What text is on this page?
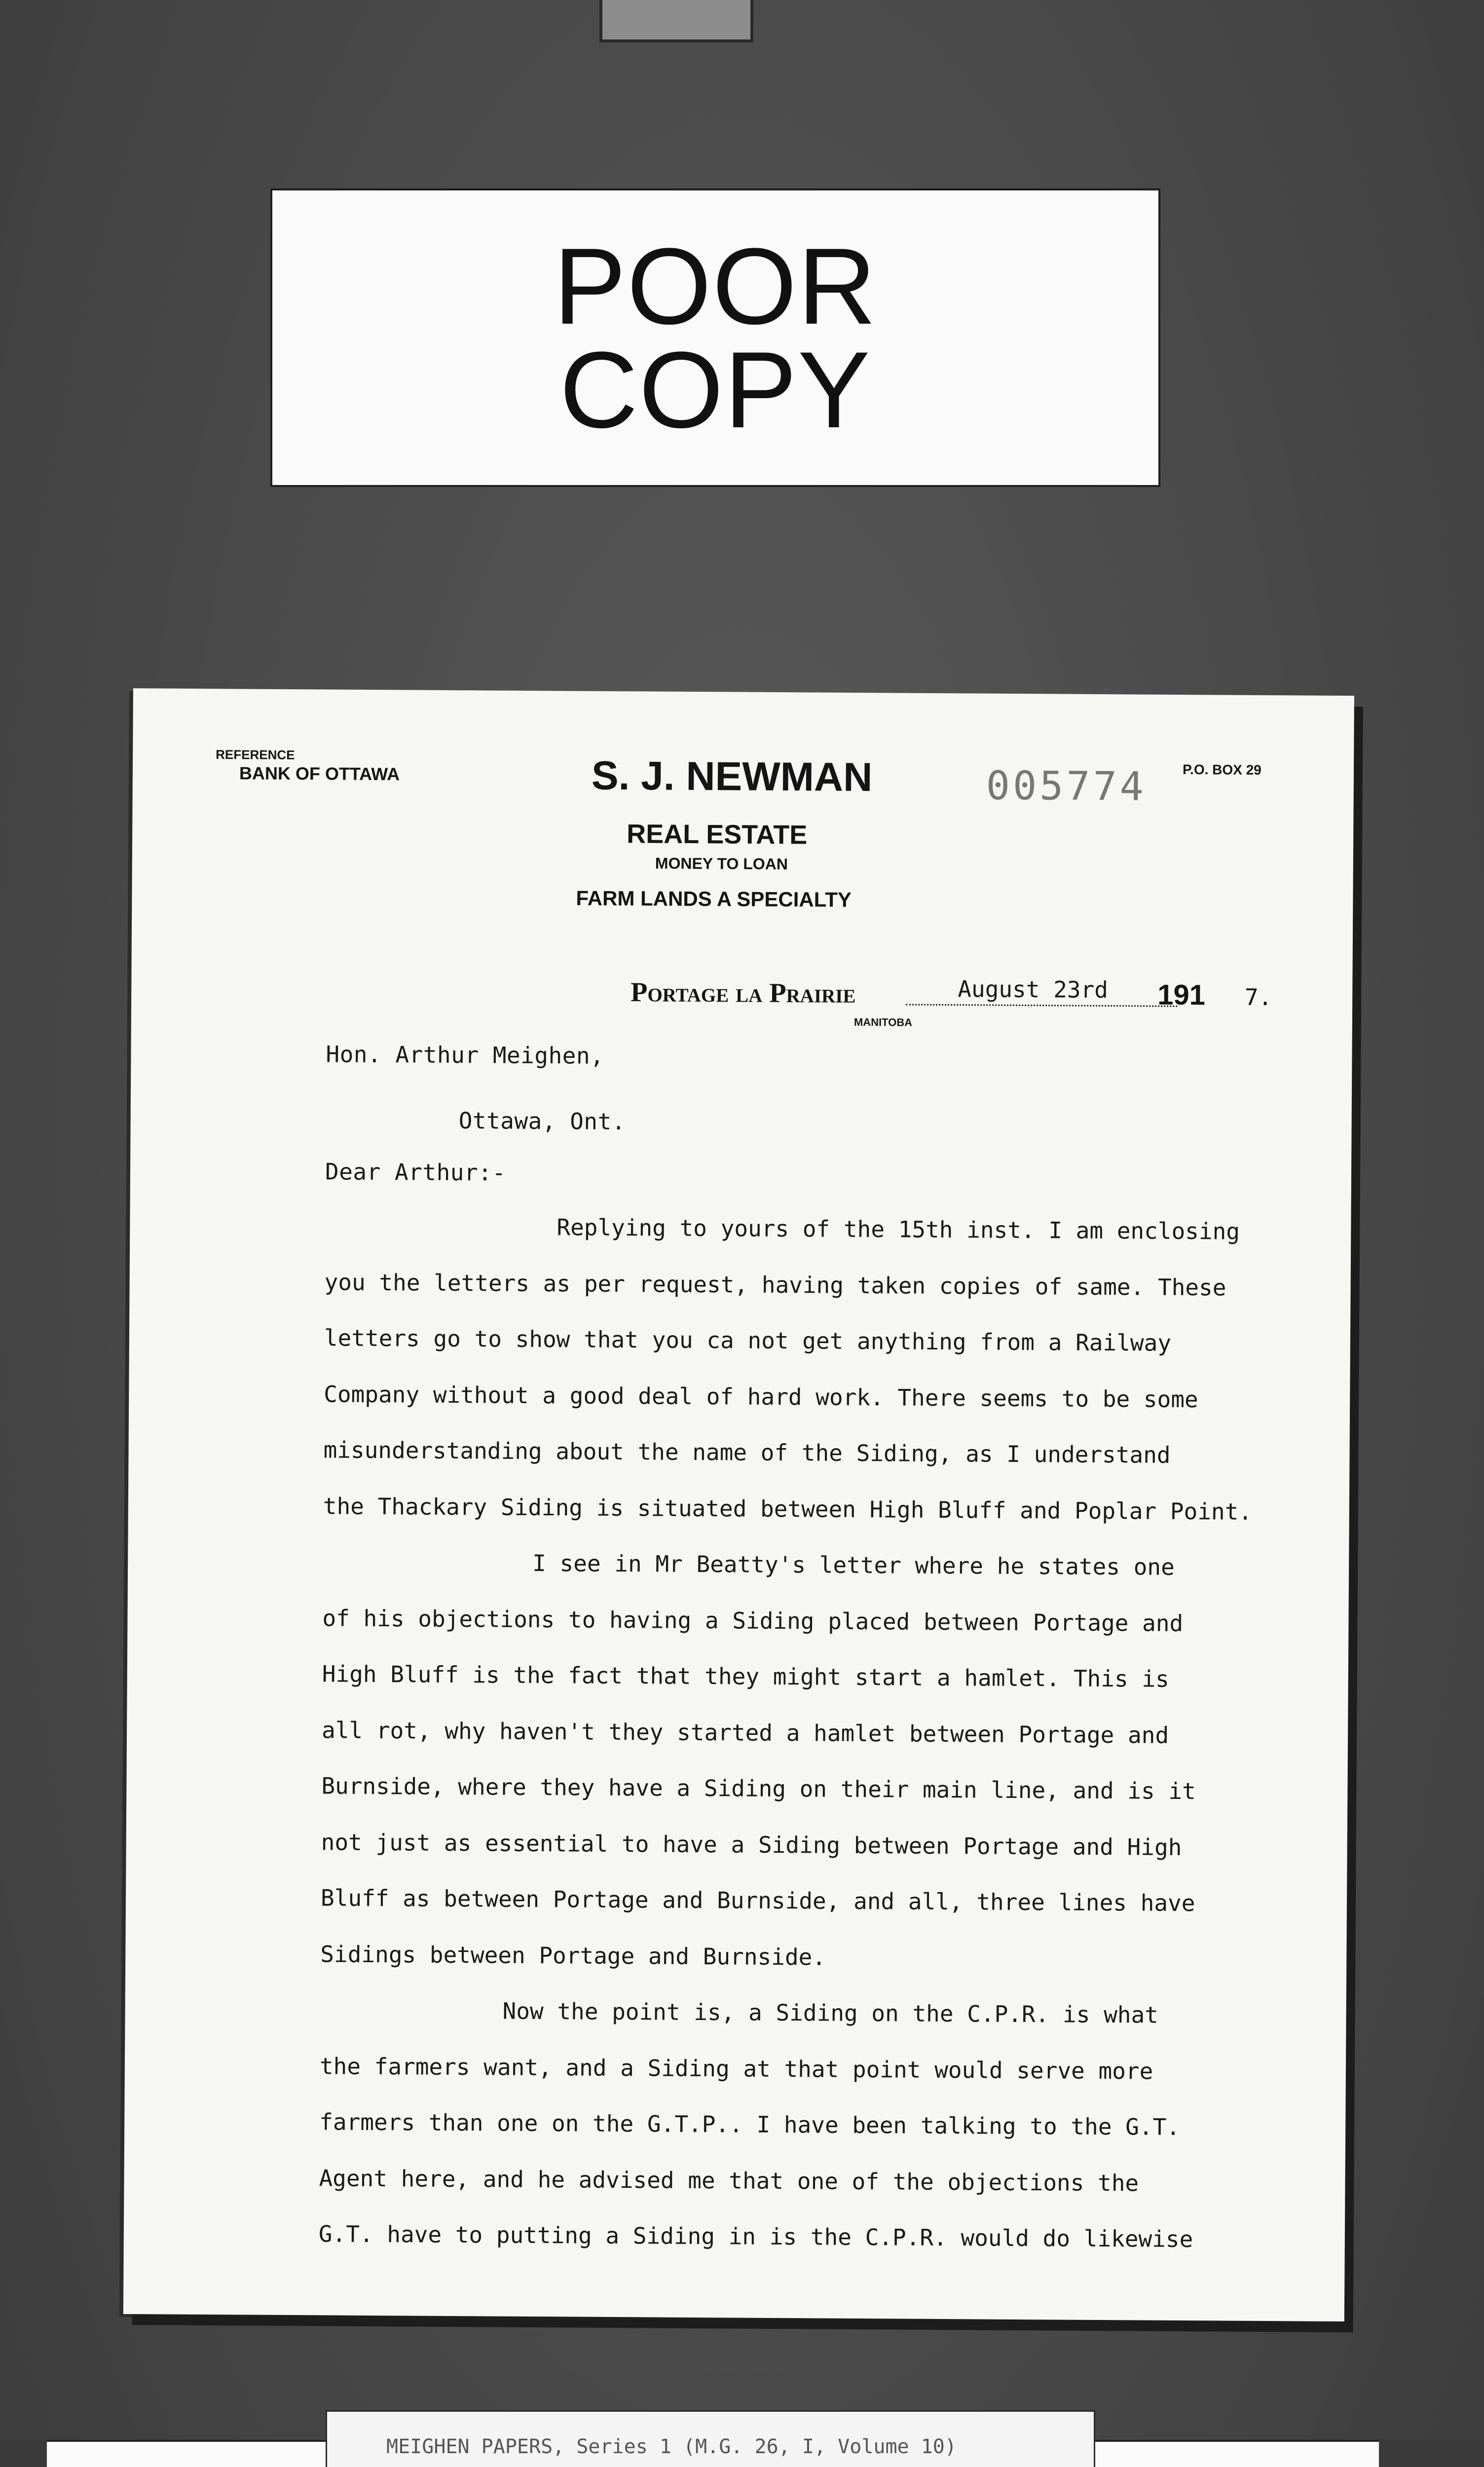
POOR
COPY
REFERENCE
BANK OF OTTAWA	S. J. NEWMAN	005774	P.O. BOX 29
REAL ESTATE
MONEY TO LOAN
FARM LANDS A SPECIALTY
Portage la Prairie
MANITOBA
August 23rd 191 7.
Hon. Arthur Meighen,
Ottawa, Ont.
Dear Arthur:-
Replying to yours of the 15th inst. I am enclosing
you the letters as per request, having taken copies of same. These
letters go to show that you ca not get anything from a Railway
Company without a good deal of hard work. There seems to be some
misunderstanding about the name of the Siding, as I understand
the Thackary Siding is situated between High Bluff and Poplar Point.
I see in Mr Beatty's letter where he states one
of his objections to having a Siding placed between Portage and
High Bluff is the fact that they might start a hamlet. This is
all rot, why haven't they started a hamlet between Portage and
Burnside, where they have a Siding on their main line, and is it
not just as essential to have a Siding between Portage and High
Bluff as between Portage and Burnside, and all, three lines have
Sidings between Portage and Burnside.
Now the point is, a Siding on the C.P.R. is what
the farmers want, and a Siding at that point would serve more
farmers than one on the G.T.P.. I have been talking to the G.T.
Agent here, and he advised me that one of the objections the
G.T. have to putting a Siding in is the C.P.R. would do likewise
MEIGHEN PAPERS, Series 1 (M.G. 26, I, Volume 10)
